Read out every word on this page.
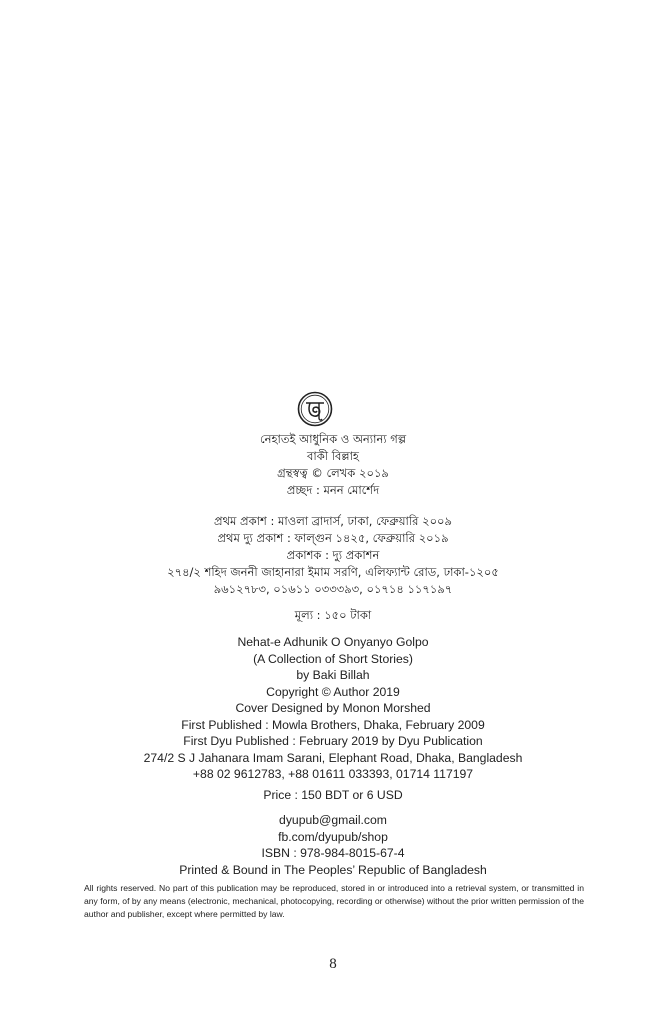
নেহাতই আধুনিক ও অন্যান্য গল্প
বাকী বিল্লাহ
গ্রন্থস্বত্ব © লেখক ২০১৯
প্রচ্ছদ : মনন মোর্শেদ
প্রথম প্রকাশ : মাওলা ব্রাদার্স, ঢাকা, ফেব্রুয়ারি ২০০৯
প্রথম দ্যু প্রকাশ : ফাল্গুন ১৪২৫, ফেব্রুয়ারি ২০১৯
প্রকাশক : দ্যু প্রকাশন
২৭৪/২ শহিদ জননী জাহানারা ইমাম সরণি, এলিফ্যান্ট রোড, ঢাকা-১২০৫
৯৬১২৭৮৩, ০১৬১১ ০৩৩৩৯৩, ০১৭১৪ ১১৭১৯৭
মূল্য : ১৫০ টাকা
Nehat-e Adhunik O Onyanyo Golpo
(A Collection of Short Stories)
by Baki Billah
Copyright © Author 2019
Cover Designed by Monon Morshed
First Published : Mowla Brothers, Dhaka, February 2009
First Dyu Published : February 2019 by Dyu Publication
274/2 S J Jahanara Imam Sarani, Elephant Road, Dhaka, Bangladesh
+88 02 9612783, +88 01611 033393, 01714 117197
Price : 150 BDT or 6 USD
dyupub@gmail.com
fb.com/dyupub/shop
ISBN : 978-984-8015-67-4
Printed & Bound in The Peoples’ Republic of Bangladesh
All rights reserved. No part of this publication may be reproduced, stored in or introduced into a retrieval system, or transmitted in any form, of by any means (electronic, mechanical, photocopying, recording or otherwise) without the prior written permission of the author and publisher, except where permitted by law.
8
